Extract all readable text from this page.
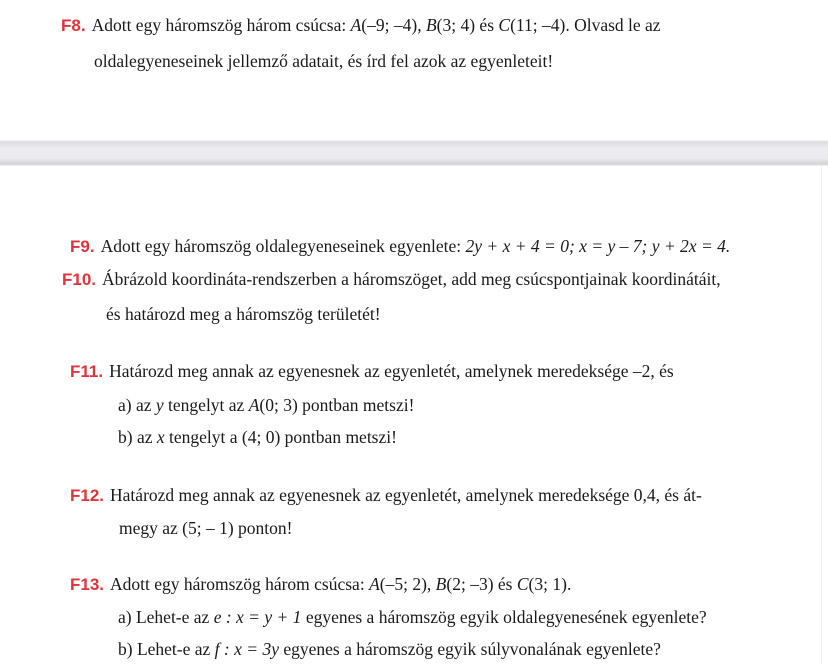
F8. Adott egy háromszög három csúcsa: A(–9; –4), B(3; 4) és C(11; –4). Olvasd le az
oldalegyeneseinek jellemző adatait, és írd fel azok az egyenleteit!
F9. Adott egy háromszög oldalegyeneseinek egyenlete: 2y + x + 4 = 0; x = y – 7; y + 2x = 4.
F10. Ábrázold koordináta-rendszerben a háromszöget, add meg csúcspontjainak koordinátáit,
és határozd meg a háromszög területét!
F11. Határozd meg annak az egyenesnek az egyenletét, amelynek meredeksége –2, és
a) az y tengelyt az A(0; 3) pontban metszi!
b) az x tengelyt a (4; 0) pontban metszi!
F12. Határozd meg annak az egyenesnek az egyenletét, amelynek meredeksége 0,4, és át-
megy az (5; – 1) ponton!
F13. Adott egy háromszög három csúcsa: A(–5; 2), B(2; –3) és C(3; 1).
a) Lehet-e az e : x = y + 1 egyenes a háromszög egyik oldalegyenesének egyenlete?
b) Lehet-e az f : x = 3y egyenes a háromszög egyik súlyvonalának egyenlete?
